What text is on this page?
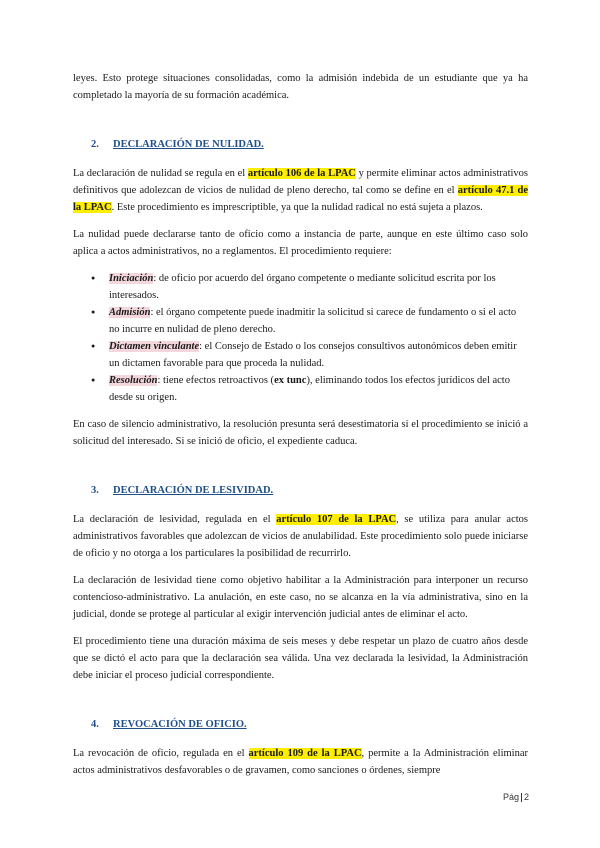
leyes. Esto protege situaciones consolidadas, como la admisión indebida de un estudiante que ya ha completado la mayoría de su formación académica.

2. DECLARACIÓN DE NULIDAD.

La declaración de nulidad se regula en el artículo 106 de la LPAC y permite eliminar actos administrativos definitivos que adolezcan de vicios de nulidad de pleno derecho, tal como se define en el artículo 47.1 de la LPAC. Este procedimiento es imprescriptible, ya que la nulidad radical no está sujeta a plazos.

La nulidad puede declararse tanto de oficio como a instancia de parte, aunque en este último caso solo aplica a actos administrativos, no a reglamentos. El procedimiento requiere:

● Iniciación: de oficio por acuerdo del órgano competente o mediante solicitud escrita por los interesados.
● Admisión: el órgano competente puede inadmitir la solicitud si carece de fundamento o si el acto no incurre en nulidad de pleno derecho.
● Dictamen vinculante: el Consejo de Estado o los consejos consultivos autonómicos deben emitir un dictamen favorable para que proceda la nulidad.
● Resolución: tiene efectos retroactivos (ex tunc), eliminando todos los efectos jurídicos del acto desde su origen.

En caso de silencio administrativo, la resolución presunta será desestimatoria si el procedimiento se inició a solicitud del interesado. Si se inició de oficio, el expediente caduca.

3. DECLARACIÓN DE LESIVIDAD.

La declaración de lesividad, regulada en el artículo 107 de la LPAC, se utiliza para anular actos administrativos favorables que adolezcan de vicios de anulabilidad. Este procedimiento solo puede iniciarse de oficio y no otorga a los particulares la posibilidad de recurrirlo.

La declaración de lesividad tiene como objetivo habilitar a la Administración para interponer un recurso contencioso-administrativo. La anulación, en este caso, no se alcanza en la vía administrativa, sino en la judicial, donde se protege al particular al exigir intervención judicial antes de eliminar el acto.

El procedimiento tiene una duración máxima de seis meses y debe respetar un plazo de cuatro años desde que se dictó el acto para que la declaración sea válida. Una vez declarada la lesividad, la Administración debe iniciar el proceso judicial correspondiente.

4. REVOCACIÓN DE OFICIO.

La revocación de oficio, regulada en el artículo 109 de la LPAC, permite a la Administración eliminar actos administrativos desfavorables o de gravamen, como sanciones o órdenes, siempre

Pág 2
